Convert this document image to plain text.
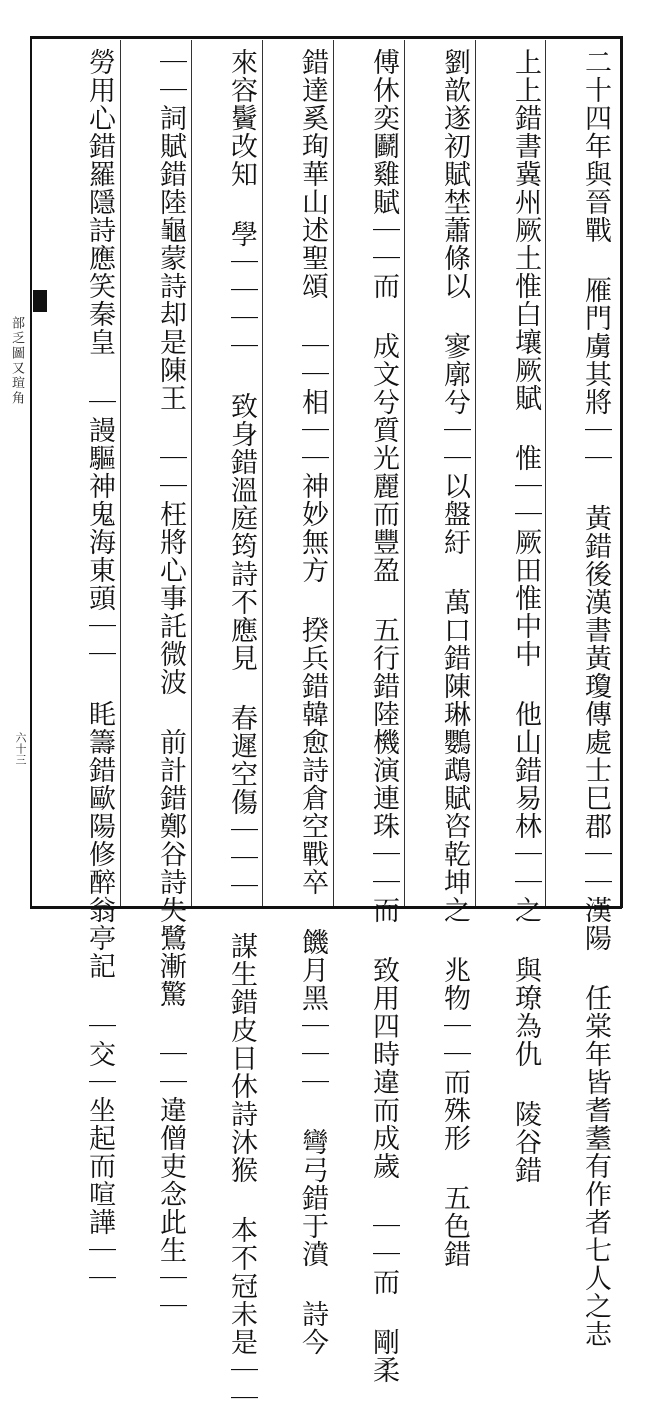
部乏圖又瑄角
六十三	二十四年與晉戰 雁門虜其將｜｜ 黃錯後漢書黃瓊傳處士巳郡｜｜漢陽 任棠年皆耆耋有作者七人之志
上上錯書冀州厥土惟白壤厥賦 惟｜｜厥田惟中中 他山錯易林｜｜之 與璙為仇 陵谷錯
劉歆遂初賦埜蕭條以 寥廓兮｜｜以盤紆 萬口錯陳琳鸚鵡賦咨乾坤之 兆物｜｜而殊形 五色錯
傅休奕鬬雞賦｜｜而 成文兮質光麗而豐盈 五行錯陸機演連珠｜｜而 致用四時違而成歲 ｜｜而 剛柔
錯達奚珣華山述聖頌 ｜｜相｜｜神妙無方 揆兵錯韓愈詩倉空戰卒 饑月黑｜｜｜ 彎弓錯于濆 詩今
來容鬢改知 學｜｜｜｜ 致身錯溫庭筠詩不應見 春遲空傷｜｜｜ 謀生錯皮日休詩沐猴 本不冠未是｜｜
｜｜詞賦錯陸龜蒙詩却是陳王 ｜｜枉將心事託微波 前計錯鄭谷詩失鷺漸驚 ｜｜違僧吏念此生｜｜
勞用心錯羅隱詩應笑秦皇 ｜謾驅神鬼海東頭｜｜ 眊籌錯歐陽修醉翁亭記 ｜交｜坐起而喧譁｜｜
